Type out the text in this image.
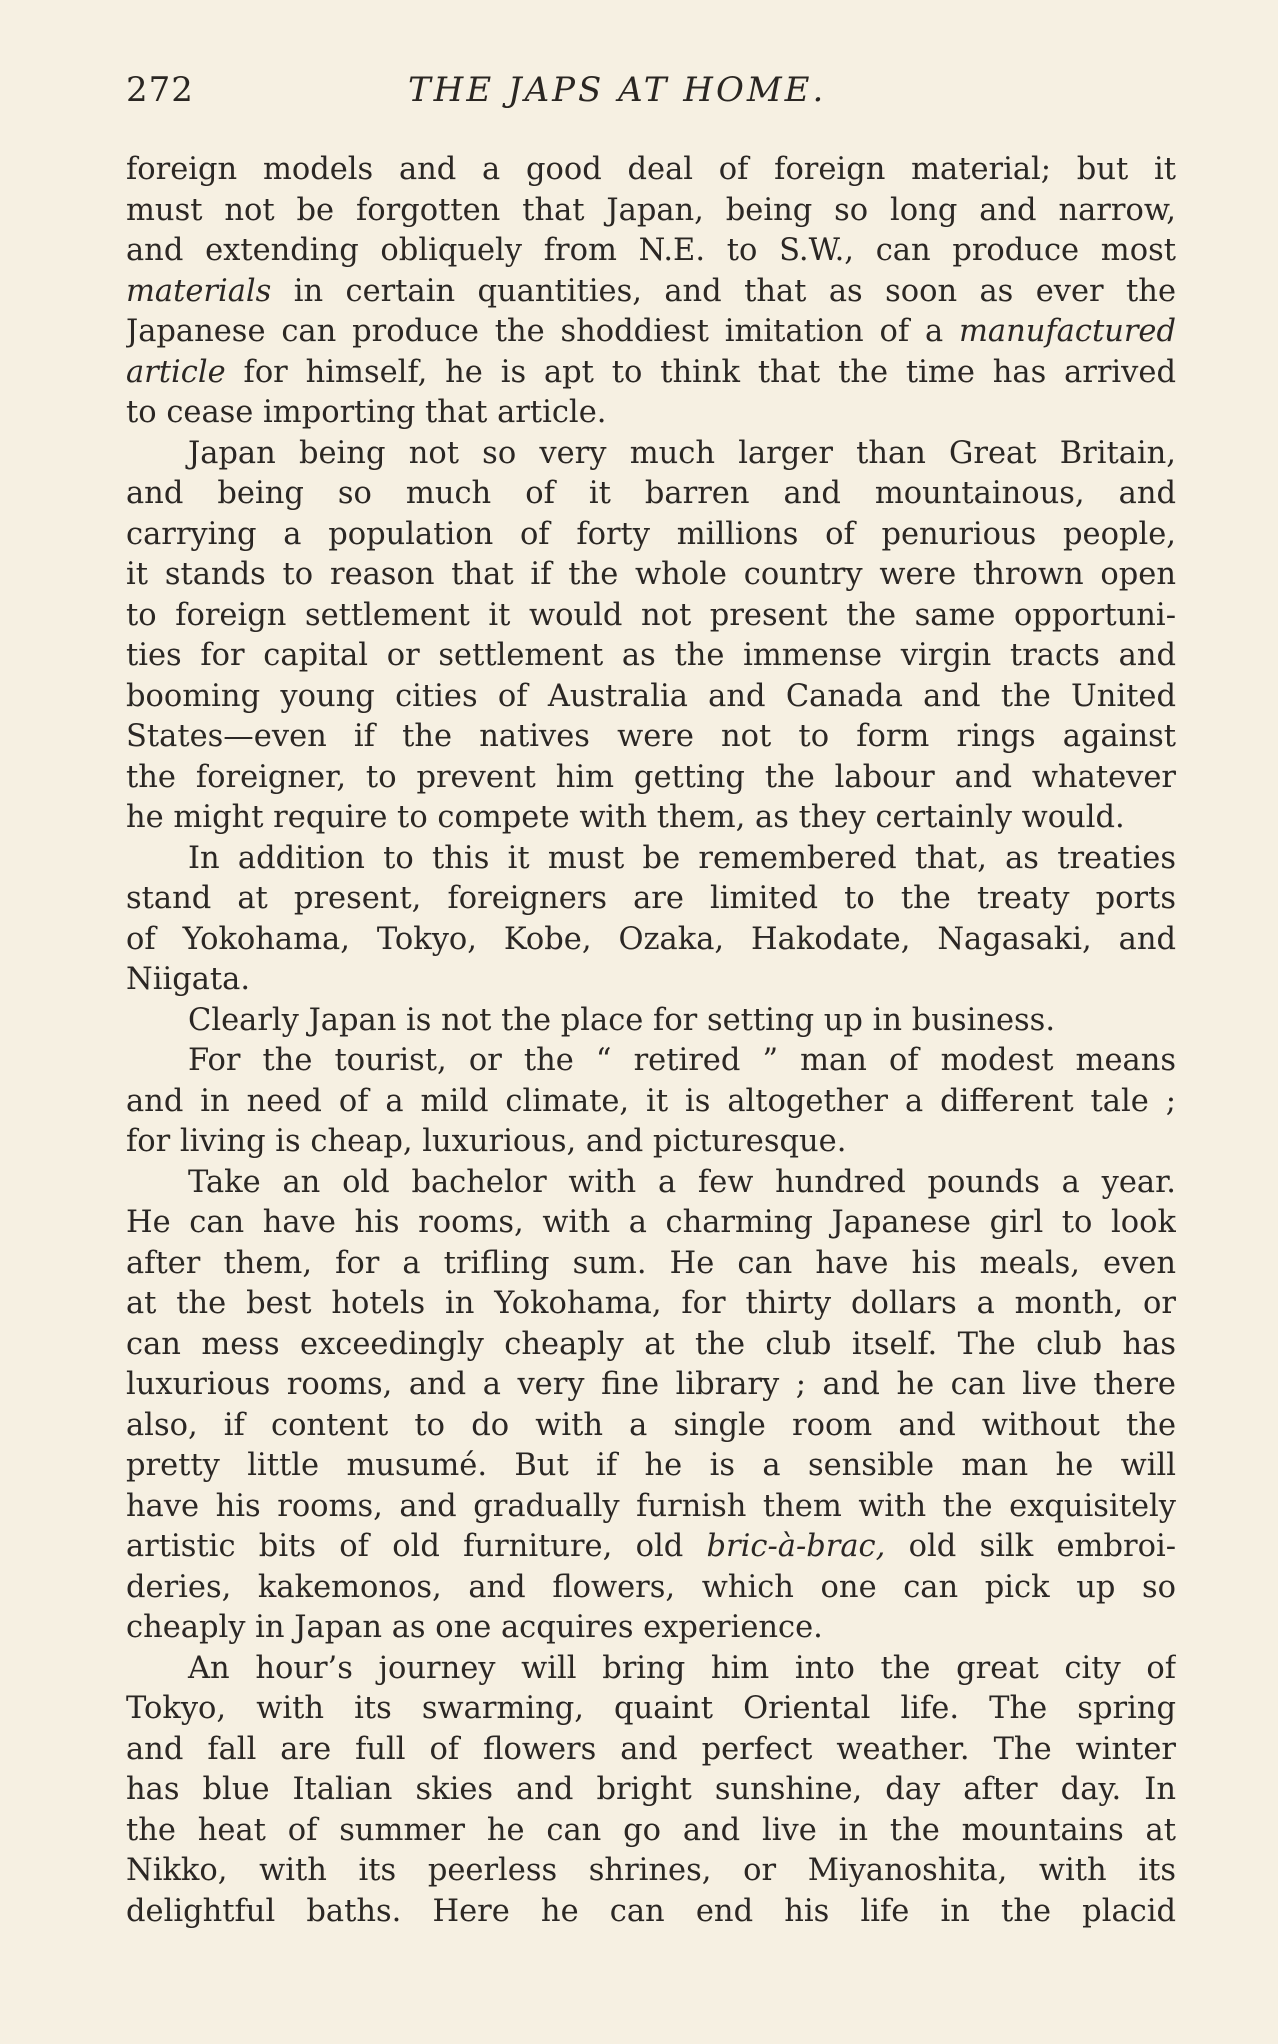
272	THE JAPS AT HOME.
foreign models and a good deal of foreign material; but it
must not be forgotten that Japan, being so long and narrow,
and extending obliquely from N.E. to S.W., can produce most
materials in certain quantities, and that as soon as ever the
Japanese can produce the shoddiest imitation of a manufactured
article for himself, he is apt to think that the time has arrived
to cease importing that article.
Japan being not so very much larger than Great Britain,
and being so much of it barren and mountainous, and
carrying a population of forty millions of penurious people,
it stands to reason that if the whole country were thrown open
to foreign settlement it would not present the same opportuni-
ties for capital or settlement as the immense virgin tracts and
booming young cities of Australia and Canada and the United
States—even if the natives were not to form rings against
the foreigner, to prevent him getting the labour and whatever
he might require to compete with them, as they certainly would.
In addition to this it must be remembered that, as treaties
stand at present, foreigners are limited to the treaty ports
of Yokohama, Tokyo, Kobe, Ozaka, Hakodate, Nagasaki, and
Niigata.
Clearly Japan is not the place for setting up in business.
For the tourist, or the “ retired ” man of modest means
and in need of a mild climate, it is altogether a different tale ;
for living is cheap, luxurious, and picturesque.
Take an old bachelor with a few hundred pounds a year.
He can have his rooms, with a charming Japanese girl to look
after them, for a trifling sum. He can have his meals, even
at the best hotels in Yokohama, for thirty dollars a month, or
can mess exceedingly cheaply at the club itself. The club has
luxurious rooms, and a very fine library ; and he can live there
also, if content to do with a single room and without the
pretty little musumé. But if he is a sensible man he will
have his rooms, and gradually furnish them with the exquisitely
artistic bits of old furniture, old bric-à-brac, old silk embroi-
deries, kakemonos, and flowers, which one can pick up so
cheaply in Japan as one acquires experience.
An hour’s journey will bring him into the great city of
Tokyo, with its swarming, quaint Oriental life. The spring
and fall are full of flowers and perfect weather. The winter
has blue Italian skies and bright sunshine, day after day. In
the heat of summer he can go and live in the mountains at
Nikko, with its peerless shrines, or Miyanoshita, with its
delightful baths. Here he can end his life in the placid
